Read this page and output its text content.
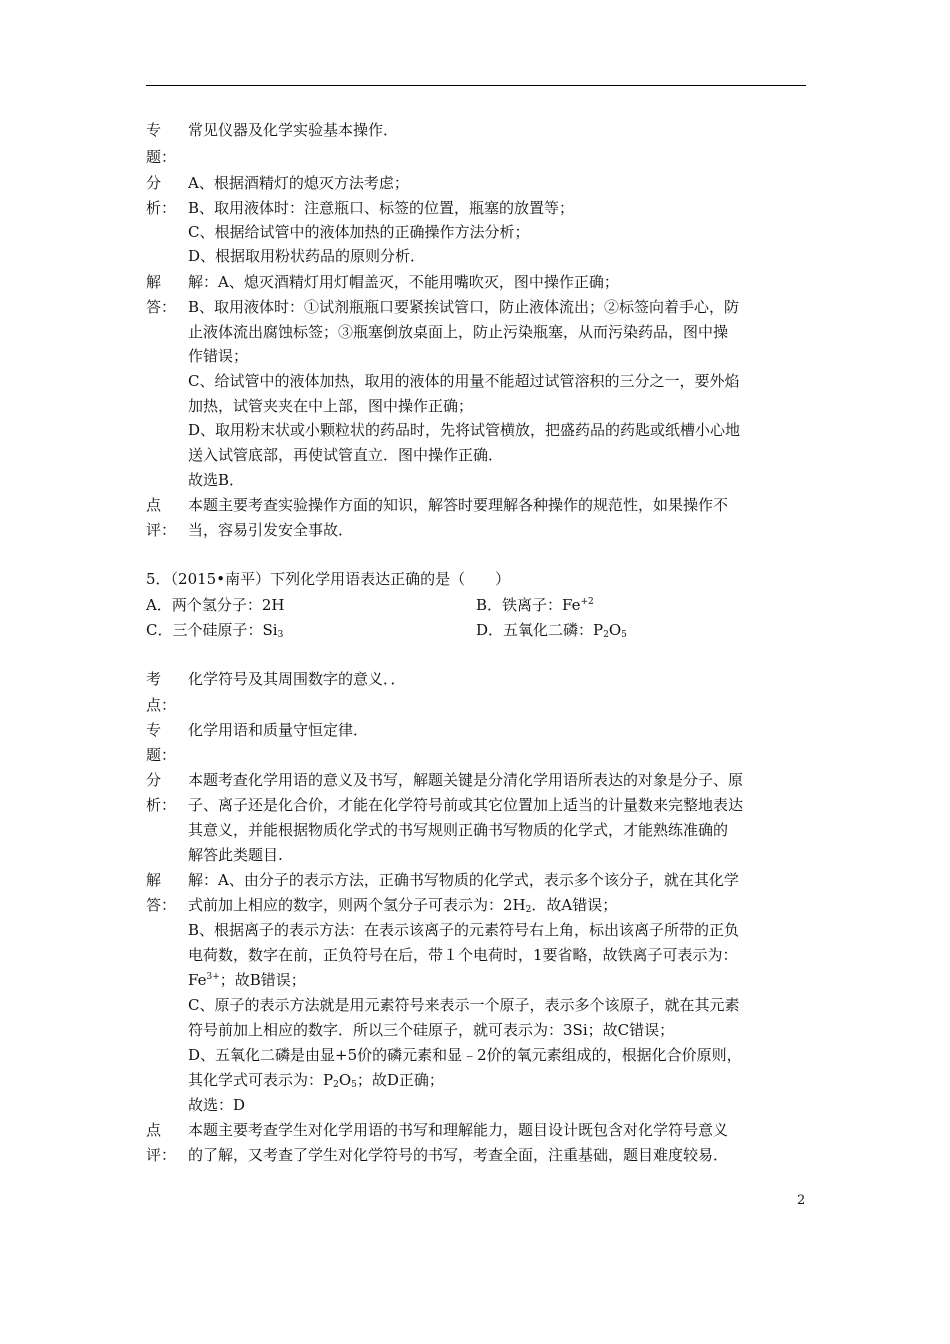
专 常见仪器及化学实验基本操作．
题：
分 A、根据酒精灯的熄灭方法考虑；
析： B、取用液体时：注意瓶口、标签的位置，瓶塞的放置等；
C、根据给试管中的液体加热的正确操作方法分析；
D、根据取用粉状药品的原则分析．
解 解：A、熄灭酒精灯用灯帽盖灭，不能用嘴吹灭，图中操作正确；
答： B、取用液体时：①试剂瓶瓶口要紧挨试管口，防止液体流出；②标签向着手心，防
止液体流出腐蚀标签；③瓶塞倒放桌面上，防止污染瓶塞，从而污染药品，图中操
作错误；
C、给试管中的液体加热，取用的液体的用量不能超过试管溶积的三分之一，要外焰
加热，试管夹夹在中上部，图中操作正确；
D、取用粉末状或小颗粒状的药品时，先将试管横放，把盛药品的药匙或纸槽小心地
送入试管底部，再使试管直立．图中操作正确．
故选B．
点 本题主要考查实验操作方面的知识，解答时要理解各种操作的规范性，如果操作不
评： 当，容易引发安全事故．
5．（2015•南平）下列化学用语表达正确的是（　　）
A．两个氢分子：2H	B．铁离子：$Fe^{+2}$
C．三个硅原子：$Si_3$	D．五氧化二磷：$P_2O_5$
考 化学符号及其周围数字的意义．．
点：
专 化学用语和质量守恒定律．
题：
分 本题考查化学用语的意义及书写，解题关键是分清化学用语所表达的对象是分子、原
析： 子、离子还是化合价，才能在化学符号前或其它位置加上适当的计量数来完整地表达
其意义，并能根据物质化学式的书写规则正确书写物质的化学式，才能熟练准确的
解答此类题目.
解 解：A、由分子的表示方法，正确书写物质的化学式，表示多个该分子，就在其化学
答： 式前加上相应的数字，则两个氢分子可表示为：$2H_2$．故A错误；
B、根据离子的表示方法：在表示该离子的元素符号右上角，标出该离子所带的正负
电荷数，数字在前，正负符号在后，带１个电荷时，1要省略，故铁离子可表示为：
$Fe^{3+}$；故B错误；
C、原子的表示方法就是用元素符号来表示一个原子，表示多个该原子，就在其元素
符号前加上相应的数字．所以三个硅原子，就可表示为：3Si；故C错误；
D、五氧化二磷是由显+5价的磷元素和显﹣2价的氧元素组成的，根据化合价原则，
其化学式可表示为：$P_2O_5$；故D正确；
故选：D
点 本题主要考查学生对化学用语的书写和理解能力，题目设计既包含对化学符号意义
评： 的了解，又考查了学生对化学符号的书写，考查全面，注重基础，题目难度较易．
2
